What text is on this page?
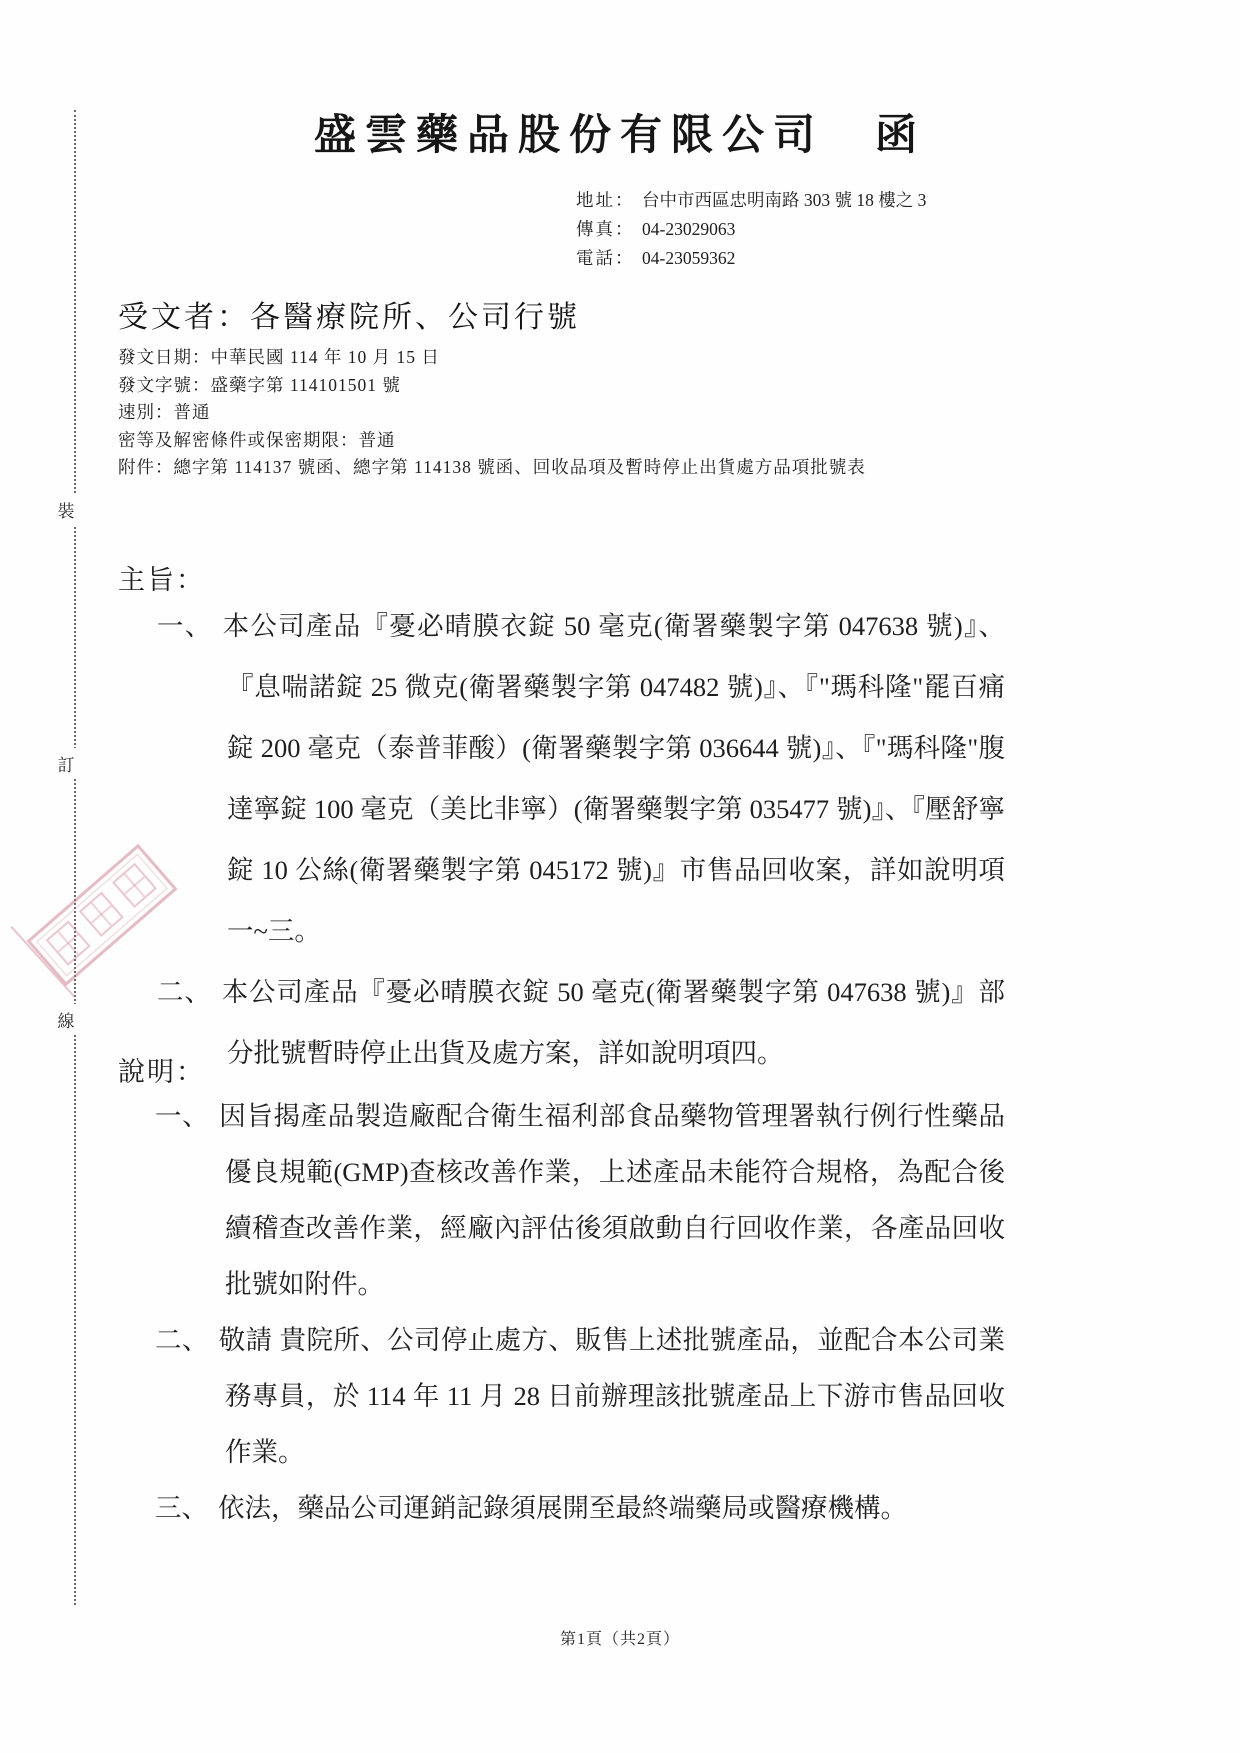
裝
訂
線
盛雲藥品股份有限公司　函
地址： 台中市西區忠明南路 303 號 18 樓之 3
傳真： 04-23029063
電話： 04-23059362
受文者：各醫療院所、公司行號
發文日期：中華民國 114 年 10 月 15 日
發文字號：盛藥字第 114101501 號
速別：普通
密等及解密條件或保密期限：普通
附件：總字第 114137 號函、總字第 114138 號函、回收品項及暫時停止出貨處方品項批號表
主旨：
一、 本公司產品『憂必晴膜衣錠 50 毫克(衛署藥製字第 047638 號)』、『息喘諾錠 25 微克(衛署藥製字第 047482 號)』、『"瑪科隆"罷百痛錠 200 毫克（泰普菲酸）(衛署藥製字第 036644 號)』、『"瑪科隆"腹達寧錠 100 毫克（美比非寧）(衛署藥製字第 035477 號)』、『壓舒寧錠 10 公絲(衛署藥製字第 045172 號)』市售品回收案，詳如說明項一~三。
二、 本公司產品『憂必晴膜衣錠 50 毫克(衛署藥製字第 047638 號)』部分批號暫時停止出貨及處方案，詳如說明項四。
說明：
一、 因旨揭產品製造廠配合衛生福利部食品藥物管理署執行例行性藥品優良規範(GMP)查核改善作業，上述產品未能符合規格，為配合後續稽查改善作業，經廠內評估後須啟動自行回收作業，各產品回收批號如附件。
二、 敬請 貴院所、公司停止處方、販售上述批號產品，並配合本公司業務專員，於 114 年 11 月 28 日前辦理該批號產品上下游市售品回收作業。
三、 依法，藥品公司運銷記錄須展開至最終端藥局或醫療機構。
第1頁（共2頁）
